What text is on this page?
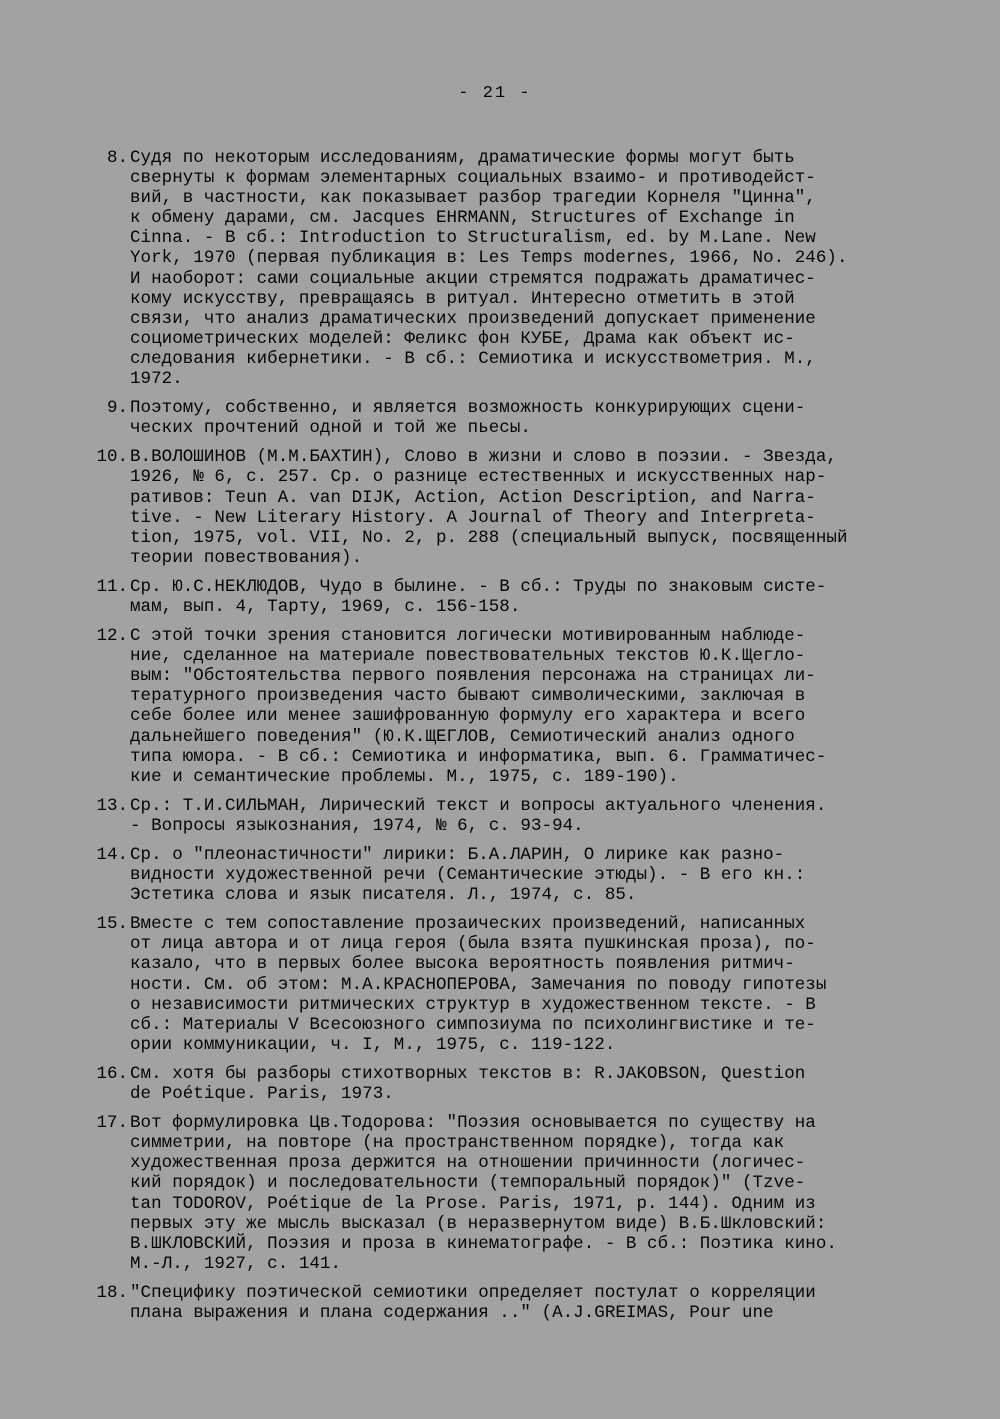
- 21 -
8. Судя по некоторым исследованиям, драматические формы могут быть
свернуты к формам элементарных социальных взаимо- и противодейст-
вий, в частности, как показывает разбор трагедии Корнеля "Цинна",
к обмену дарами, см. Jacques EHRMANN, Structures of Exchange in
Cinna. - В сб.: Introduction to Structuralism, ed. by M.Lane. New
York, 1970 (первая публикация в: Les Temps modernes, 1966, No. 246).
И наоборот: сами социальные акции стремятся подражать драматичес-
кому искусству, превращаясь в ритуал. Интересно отметить в этой
связи, что анализ драматических произведений допускает применение
социометрических моделей: Феликс фон КУБЕ, Драма как объект ис-
следования кибернетики. - В сб.: Семиотика и искусствометрия. М.,
1972.
9. Поэтому, собственно, и является возможность конкурирующих сцени-
ческих прочтений одной и той же пьесы.
10. В.ВОЛОШИНОВ (М.М.БАХТИН), Слово в жизни и слово в поэзии. - Звезда,
1926, № 6, с. 257. Ср. о разнице естественных и искусственных нар-
ративов: Teun A. van DIJK, Action, Action Description, and Narra-
tive. - New Literary History. A Journal of Theory and Interpreta-
tion, 1975, vol. VII, No. 2, p. 288 (специальный выпуск, посвященный
теории повествования).
11. Ср. Ю.С.НЕКЛЮДОВ, Чудо в былине. - В сб.: Труды по знаковым систе-
мам, вып. 4, Тарту, 1969, с. 156-158.
12. С этой точки зрения становится логически мотивированным наблюде-
ние, сделанное на материале повествовательных текстов Ю.К.Щегло-
вым: "Обстоятельства первого появления персонажа на страницах ли-
тературного произведения часто бывают символическими, заключая в
себе более или менее зашифрованную формулу его характера и всего
дальнейшего поведения" (Ю.К.ЩЕГЛОВ, Семиотический анализ одного
типа юмора. - В сб.: Семиотика и информатика, вып. 6. Грамматичес-
кие и семантические проблемы. М., 1975, с. 189-190).
13. Ср.: Т.И.СИЛЬМАН, Лирический текст и вопросы актуального членения.
- Вопросы языкознания, 1974, № 6, с. 93-94.
14. Ср. о "плеонастичности" лирики: Б.А.ЛАРИН, О лирике как разно-
видности художественной речи (Семантические этюды). - В его кн.:
Эстетика слова и язык писателя. Л., 1974, с. 85.
15. Вместе с тем сопоставление прозаических произведений, написанных
от лица автора и от лица героя (была взята пушкинская проза), по-
казало, что в первых более высока вероятность появления ритмич-
ности. См. об этом: М.А.КРАСНОПЕРОВА, Замечания по поводу гипотезы
о независимости ритмических структур в художественном тексте. - В
сб.: Материалы V Всесоюзного симпозиума по психолингвистике и те-
ории коммуникации, ч. I, М., 1975, с. 119-122.
16. См. хотя бы разборы стихотворных текстов в: R.JAKOBSON, Question
de Poétique. Paris, 1973.
17. Вот формулировка Цв.Тодорова: "Поэзия основывается по существу на
симметрии, на повторе (на пространственном порядке), тогда как
художественная проза держится на отношении причинности (логичес-
кий порядок) и последовательности (темпоральный порядок)" (Tzve-
tan TODOROV, Poétique de la Prose. Paris, 1971, p. 144). Одним из
первых эту же мысль высказал (в неразвернутом виде) В.Б.Шкловский:
В.ШКЛОВСКИЙ, Поэзия и проза в кинематографе. - В сб.: Поэтика кино.
М.-Л., 1927, с. 141.
18. "Специфику поэтической семиотики определяет постулат о корреляции
плана выражения и плана содержания .." (A.J.GREIMAS, Pour une
